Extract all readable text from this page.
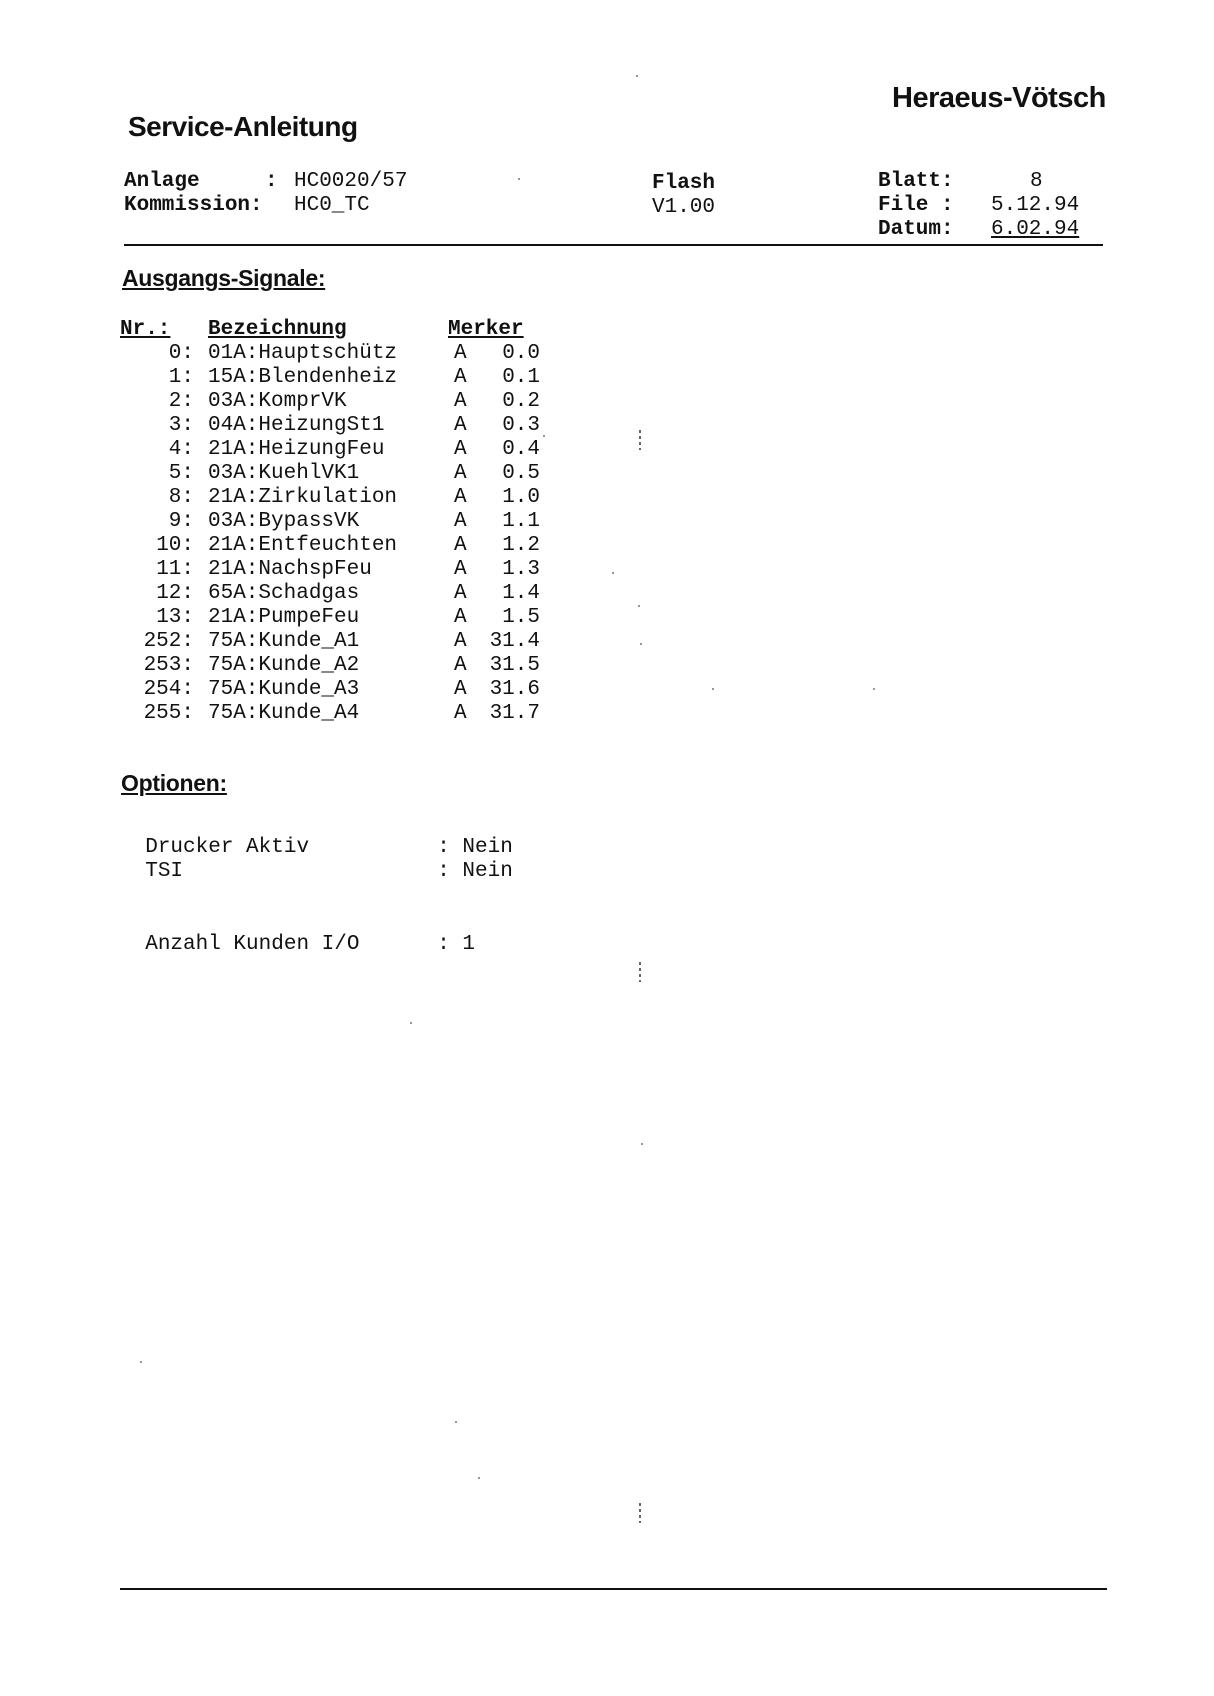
Heraeus-Vötsch
Service-Anleitung
Anlage	: HC0020/57
Kommission: HC0_TC
Flash
V1.00
Blatt:	8
File : 5.12.94
Datum: 6.02.94
Ausgangs-Signale:
Nr.:	Bezeichnung	Merker	
0:	01A:Hauptschütz	A	0.0
1:	15A:Blendenheiz	A	0.1
2:	03A:KomprVK	A	0.2
3:	04A:HeizungSt1	A	0.3
4:	21A:HeizungFeu	A	0.4
5:	03A:KuehlVK1	A	0.5
8:	21A:Zirkulation	A	1.0
9:	03A:BypassVK	A	1.1
10:	21A:Entfeuchten	A	1.2
11:	21A:NachspFeu	A	1.3
12:	65A:Schadgas	A	1.4
13:	21A:PumpeFeu	A	1.5
252:	75A:Kunde_A1	A	31.4
253:	75A:Kunde_A2	A	31.5
254:	75A:Kunde_A3	A	31.6
255:	75A:Kunde_A4	A	31.7
Optionen:

Drucker Aktiv	: Nein

TSI	: Nein

Anzahl Kunden I/O	: 1
